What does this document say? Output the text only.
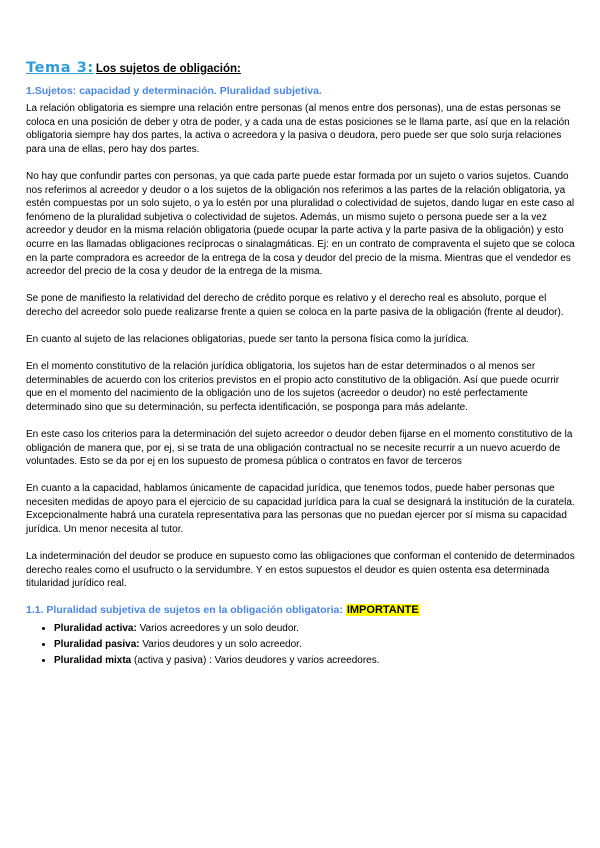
Tema 3: Los sujetos de obligación:
1.Sujetos: capacidad y determinación. Pluralidad subjetiva.

La relación obligatoria es siempre una relación entre personas (al menos entre dos personas), una de estas personas se coloca en una posición de deber y otra de poder, y a cada una de estas posiciones se le llama parte, así que en la relación obligatoria siempre hay dos partes, la activa o acreedora y la pasiva o deudora, pero puede ser que solo surja relaciones para una de ellas, pero hay dos partes.

No hay que confundir partes con personas, ya que cada parte puede estar formada por un sujeto o varios sujetos. Cuando nos referimos al acreedor y deudor o a los sujetos de la obligación nos referimos a las partes de la relación obligatoria, ya estén compuestas por un solo sujeto, o ya lo estén por una pluralidad o colectividad de sujetos, dando lugar en este caso al fenómeno de la pluralidad subjetiva o colectividad de sujetos. Además, un mismo sujeto o persona puede ser a la vez acreedor y deudor en la misma relación obligatoria (puede ocupar la parte activa y la parte pasiva de la obligación) y esto ocurre en las llamadas obligaciones recíprocas o sinalagmáticas. Ej: en un contrato de compraventa el sujeto que se coloca en la parte compradora es acreedor de la entrega de la cosa y deudor del precio de la misma. Mientras que el vendedor es acreedor del precio de la cosa y deudor de la entrega de la misma.

Se pone de manifiesto la relatividad del derecho de crédito porque es relativo y el derecho real es absoluto, porque el derecho del acreedor solo puede realizarse frente a quien se coloca en la parte pasiva de la obligación (frente al deudor).

En cuanto al sujeto de las relaciones obligatorias, puede ser tanto la persona física como la jurídica.

En el momento constitutivo de la relación jurídica obligatoria, los sujetos han de estar determinados o al menos ser determinables de acuerdo con los criterios previstos en el propio acto constitutivo de la obligación. Así que puede ocurrir que en el momento del nacimiento de la obligación uno de los sujetos (acreedor o deudor) no esté perfectamente determinado sino que su determinación, su perfecta identificación, se posponga para más adelante.

En este caso los criterios para la determinación del sujeto acreedor o deudor deben fijarse en el momento constitutivo de la obligación de manera que, por ej, si se trata de una obligación contractual no se necesite recurrir a un nuevo acuerdo de voluntades. Esto se da por ej en los supuesto de promesa pública o contratos en favor de terceros

En cuanto a la capacidad, hablamos únicamente de capacidad jurídica, que tenemos todos, puede haber personas que necesiten medidas de apoyo para el ejercicio de su capacidad jurídica para la cual se designará la institución de la curatela. Excepcionalmente habrá una curatela representativa para las personas que no puedan ejercer por sí misma su capacidad jurídica. Un menor necesita al tutor.

La indeterminación del deudor se produce en supuesto como las obligaciones que conforman el contenido de determinados derecho reales como el usufructo o la servidumbre. Y en estos supuestos el deudor es quien ostenta esa determinada titularidad jurídico real.

1.1. Pluralidad subjetiva de sujetos en la obligación obligatoria: IMPORTANTE
• Pluralidad activa: Varios acreedores y un solo deudor.
• Pluralidad pasiva: Varios deudores y un solo acreedor.
• Pluralidad mixta (activa y pasiva) : Varios deudores y varios acreedores.
